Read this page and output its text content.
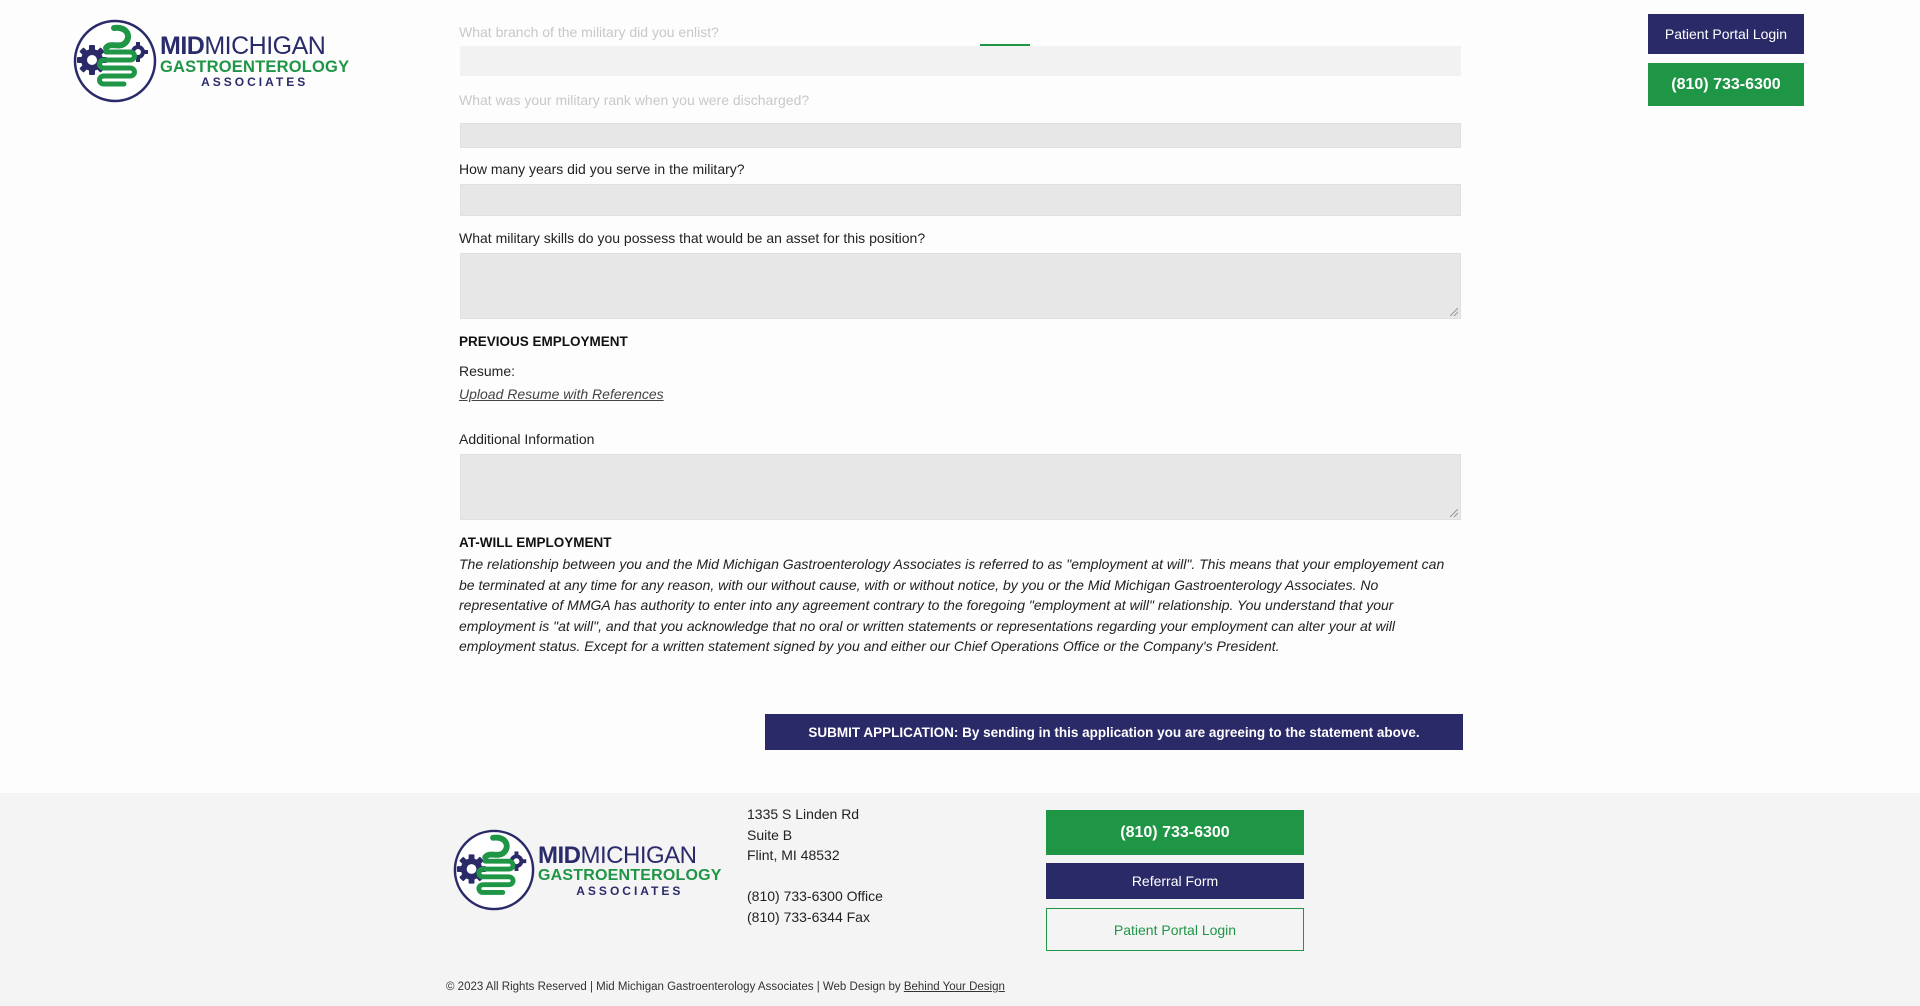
MIDMICHIGAN
GASTROENTEROLOGY
ASSOCIATES
Patient Portal Login
(810) 733-6300
What branch of the military did you enlist?
What was your military rank when you were discharged?
How many years did you serve in the military?
What military skills do you possess that would be an asset for this position?
PREVIOUS EMPLOYMENT
Resume:
Upload Resume with References
Additional Information
AT-WILL EMPLOYMENT
The relationship between you and the Mid Michigan Gastroenterology Associates is referred to as "employment at will". This means that your employement can be terminated at any time for any reason, with our without cause, with or without notice, by you or the Mid Michigan Gastroenterology Associates. No representative of MMGA has authority to enter into any agreement contrary to the foregoing "employment at will" relationship. You understand that your employment is "at will", and that you acknowledge that no oral or written statements or representations regarding your employment can alter your at will employment status. Except for a written statement signed by you and either our Chief Operations Office or the Company's President.
SUBMIT APPLICATION: By sending in this application you are agreeing to the statement above.
MIDMICHIGAN
GASTROENTEROLOGY
ASSOCIATES
1335 S Linden Rd
Suite B
Flint, MI 48532
(810) 733-6300 Office
(810) 733-6344 Fax
(810) 733-6300
Referral Form
Patient Portal Login
© 2023 All Rights Reserved | Mid Michigan Gastroenterology Associates | Web Design by Behind Your Design
